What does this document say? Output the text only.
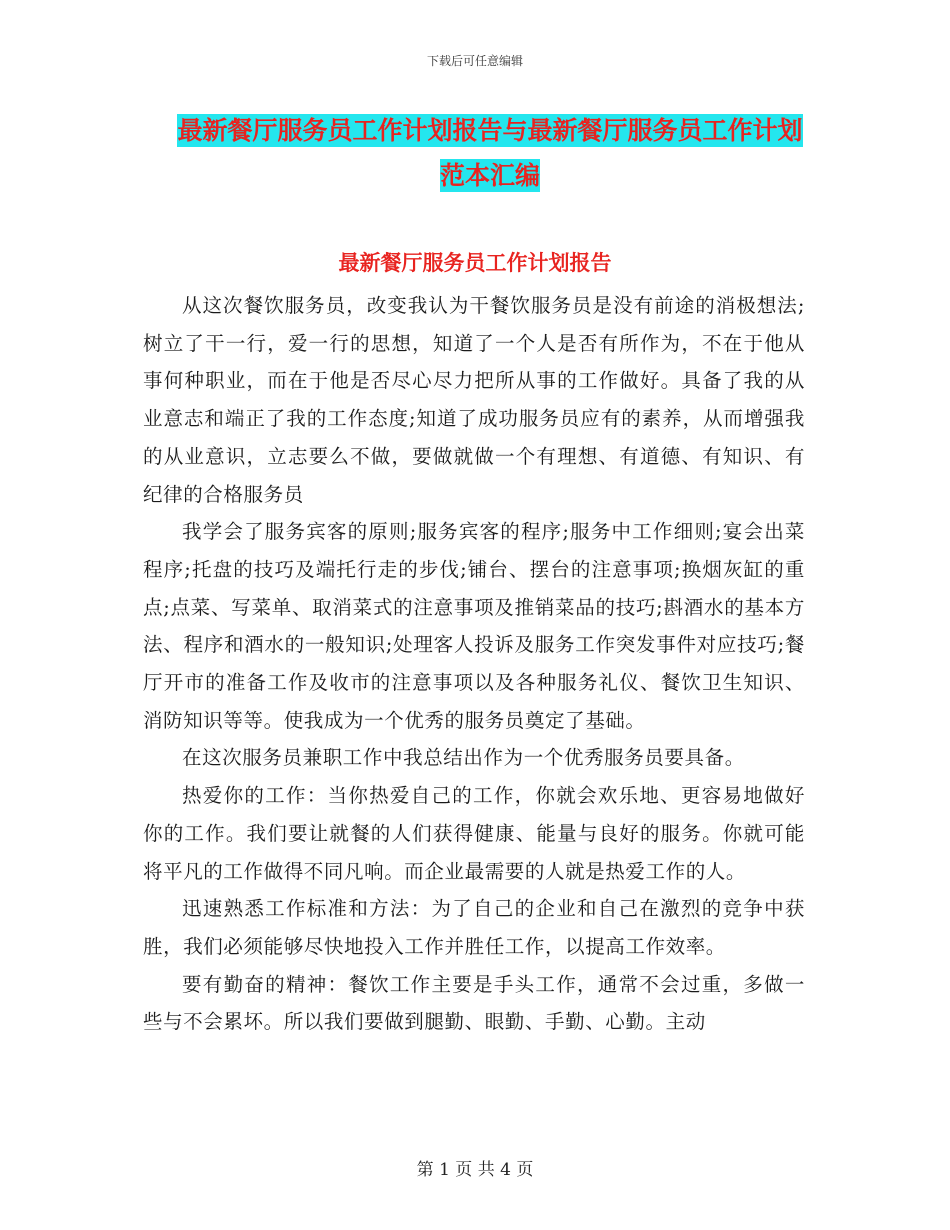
下载后可任意编辑
最新餐厅服务员工作计划报告与最新餐厅服务员工作计划范本汇编
最新餐厅服务员工作计划报告

从这次餐饮服务员，改变我认为干餐饮服务员是没有前途的消极想法;树立了干一行，爱一行的思想，知道了一个人是否有所作为，不在于他从事何种职业，而在于他是否尽心尽力把所从事的工作做好。具备了我的从业意志和端正了我的工作态度;知道了成功服务员应有的素养，从而增强我的从业意识，立志要么不做，要做就做一个有理想、有道德、有知识、有纪律的合格服务员

我学会了服务宾客的原则;服务宾客的程序;服务中工作细则;宴会出菜程序;托盘的技巧及端托行走的步伐;铺台、摆台的注意事项;换烟灰缸的重点;点菜、写菜单、取消菜式的注意事项及推销菜品的技巧;斟酒水的基本方法、程序和酒水的一般知识;处理客人投诉及服务工作突发事件对应技巧;餐厅开市的准备工作及收市的注意事项以及各种服务礼仪、餐饮卫生知识、消防知识等等。使我成为一个优秀的服务员奠定了基础。

在这次服务员兼职工作中我总结出作为一个优秀服务员要具备。

热爱你的工作：当你热爱自己的工作，你就会欢乐地、更容易地做好你的工作。我们要让就餐的人们获得健康、能量与良好的服务。你就可能将平凡的工作做得不同凡响。而企业最需要的人就是热爱工作的人。

迅速熟悉工作标准和方法：为了自己的企业和自己在激烈的竞争中获胜，我们必须能够尽快地投入工作并胜任工作，以提高工作效率。

要有勤奋的精神：餐饮工作主要是手头工作，通常不会过重，多做一些与不会累坏。所以我们要做到腿勤、眼勤、手勤、心勤。主动

第 1 页 共 4 页
